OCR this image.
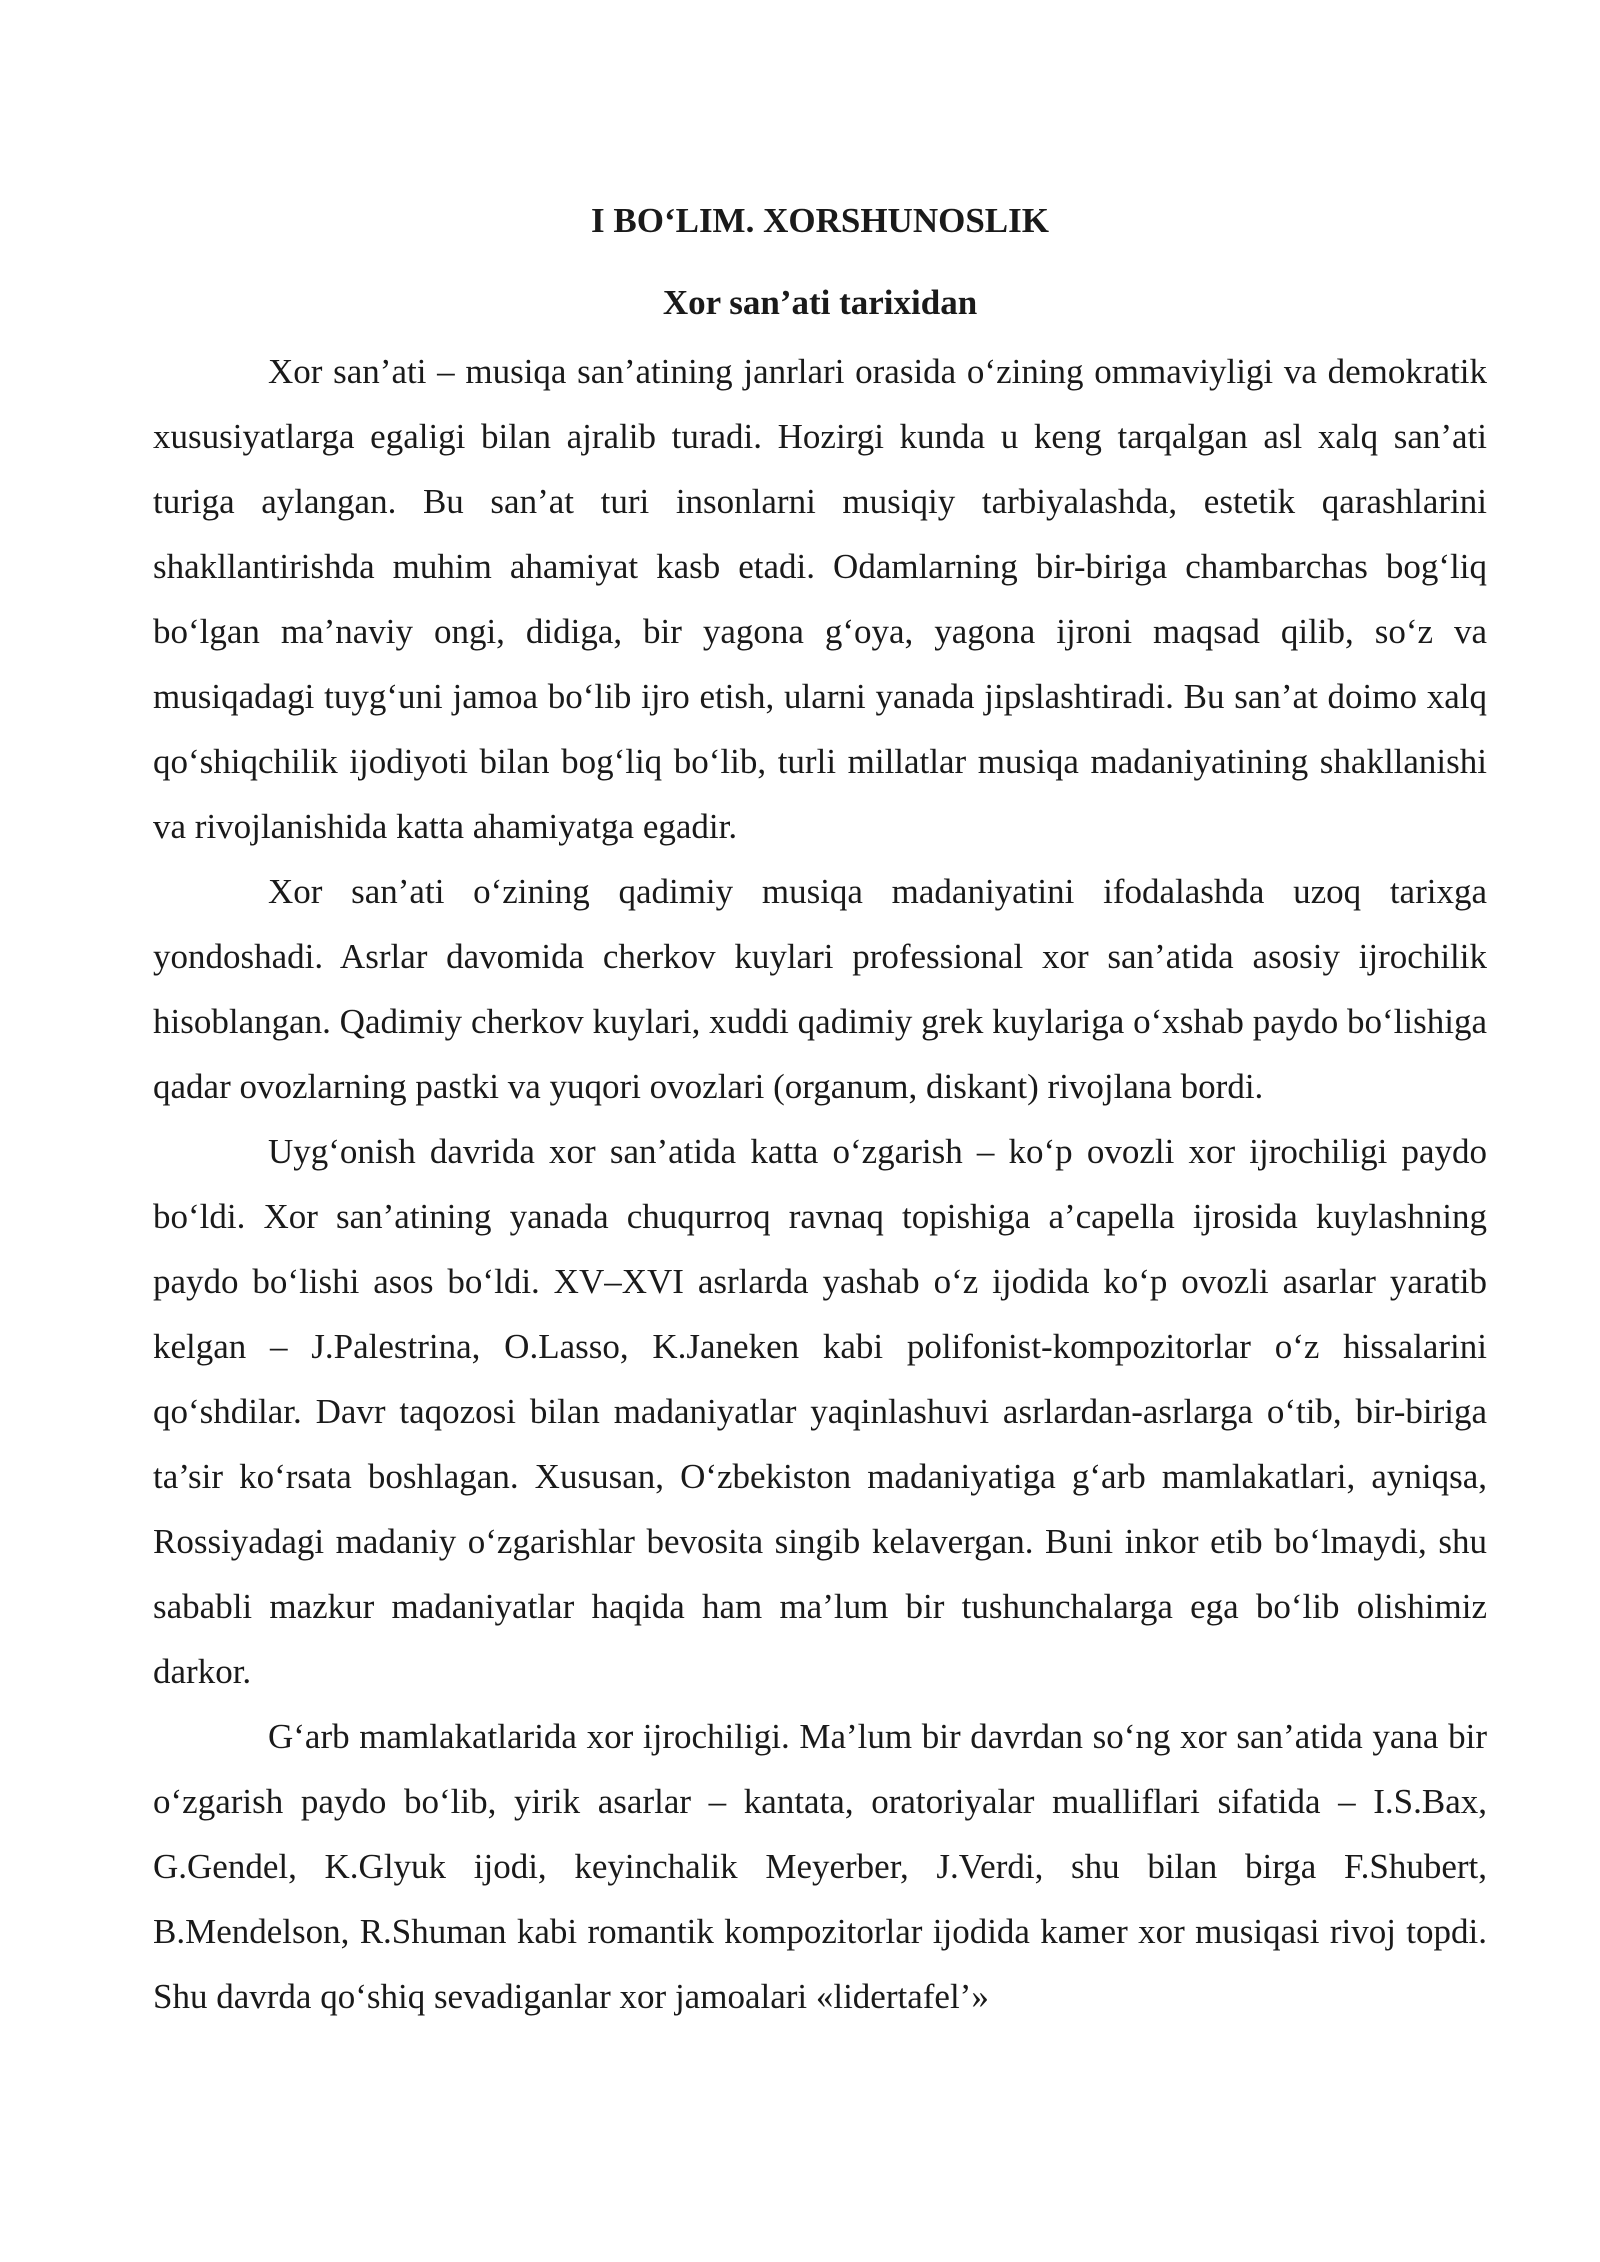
I BO‘LIM. XORSHUNOSLIK
Xor san’ati tarixidan

Xor san’ati – musiqa san’atining janrlari orasida o‘zining ommaviyligi va demokratik xususiyatlarga egaligi bilan ajralib turadi. Hozirgi kunda u keng tarqalgan asl xalq san’ati turiga aylangan. Bu san’at turi insonlarni musiqiy tarbiyalashda, estetik qarashlarini shakllantirishda muhim ahamiyat kasb etadi. Odamlarning bir-biriga chambarchas bog‘liq bo‘lgan ma’naviy ongi, didiga, bir yagona g‘oya, yagona ijroni maqsad qilib, so‘z va musiqadagi tuyg‘uni jamoa bo‘lib ijro etish, ularni yanada jipslashtiradi. Bu san’at doimo xalq qo‘shiqchilik ijodiyoti bilan bog‘liq bo‘lib, turli millatlar musiqa madaniyatining shakllanishi va rivojlanishida katta ahamiyatga egadir.

Xor san’ati o‘zining qadimiy musiqa madaniyatini ifodalashda uzoq tarixga yondoshadi. Asrlar davomida cherkov kuylari professional xor san’atida asosiy ijrochilik hisoblangan. Qadimiy cherkov kuylari, xuddi qadimiy grek kuylariga o‘xshab paydo bo‘lishiga qadar ovozlarning pastki va yuqori ovozlari (organum, diskant) rivojlana bordi.

Uyg‘onish davrida xor san’atida katta o‘zgarish – ko‘p ovozli xor ijrochiligi paydo bo‘ldi. Xor san’atining yanada chuqurroq ravnaq topishiga a’capella ijrosida kuylashning paydo bo‘lishi asos bo‘ldi. XV–XVI asrlarda yashab o‘z ijodida ko‘p ovozli asarlar yaratib kelgan – J.Palestrina, O.Lasso, K.Janeken kabi polifonist-kompozitorlar o‘z hissalarini qo‘shdilar. Davr taqozosi bilan madaniyatlar yaqinlashuvi asrlardan-asrlarga o‘tib, bir-biriga ta’sir ko‘rsata boshlagan. Xususan, O‘zbekiston madaniyatiga g‘arb mamlakatlari, ayniqsa, Rossiyadagi madaniy o‘zgarishlar bevosita singib kelavergan. Buni inkor etib bo‘lmaydi, shu sababli mazkur madaniyatlar haqida ham ma’lum bir tushunchalarga ega bo‘lib olishimiz darkor.

G‘arb mamlakatlarida xor ijrochiligi. Ma’lum bir davrdan so‘ng xor san’atida yana bir o‘zgarish paydo bo‘lib, yirik asarlar – kantata, oratoriyalar mualliflari sifatida – I.S.Bax, G.Gendel, K.Glyuk ijodi, keyinchalik Meyerber, J.Verdi, shu bilan birga F.Shubert, B.Mendelson, R.Shuman kabi romantik kompozitorlar ijodida kamer xor musiqasi rivoj topdi. Shu davrda qo‘shiq sevadiganlar xor jamoalari «lidertafel’»
